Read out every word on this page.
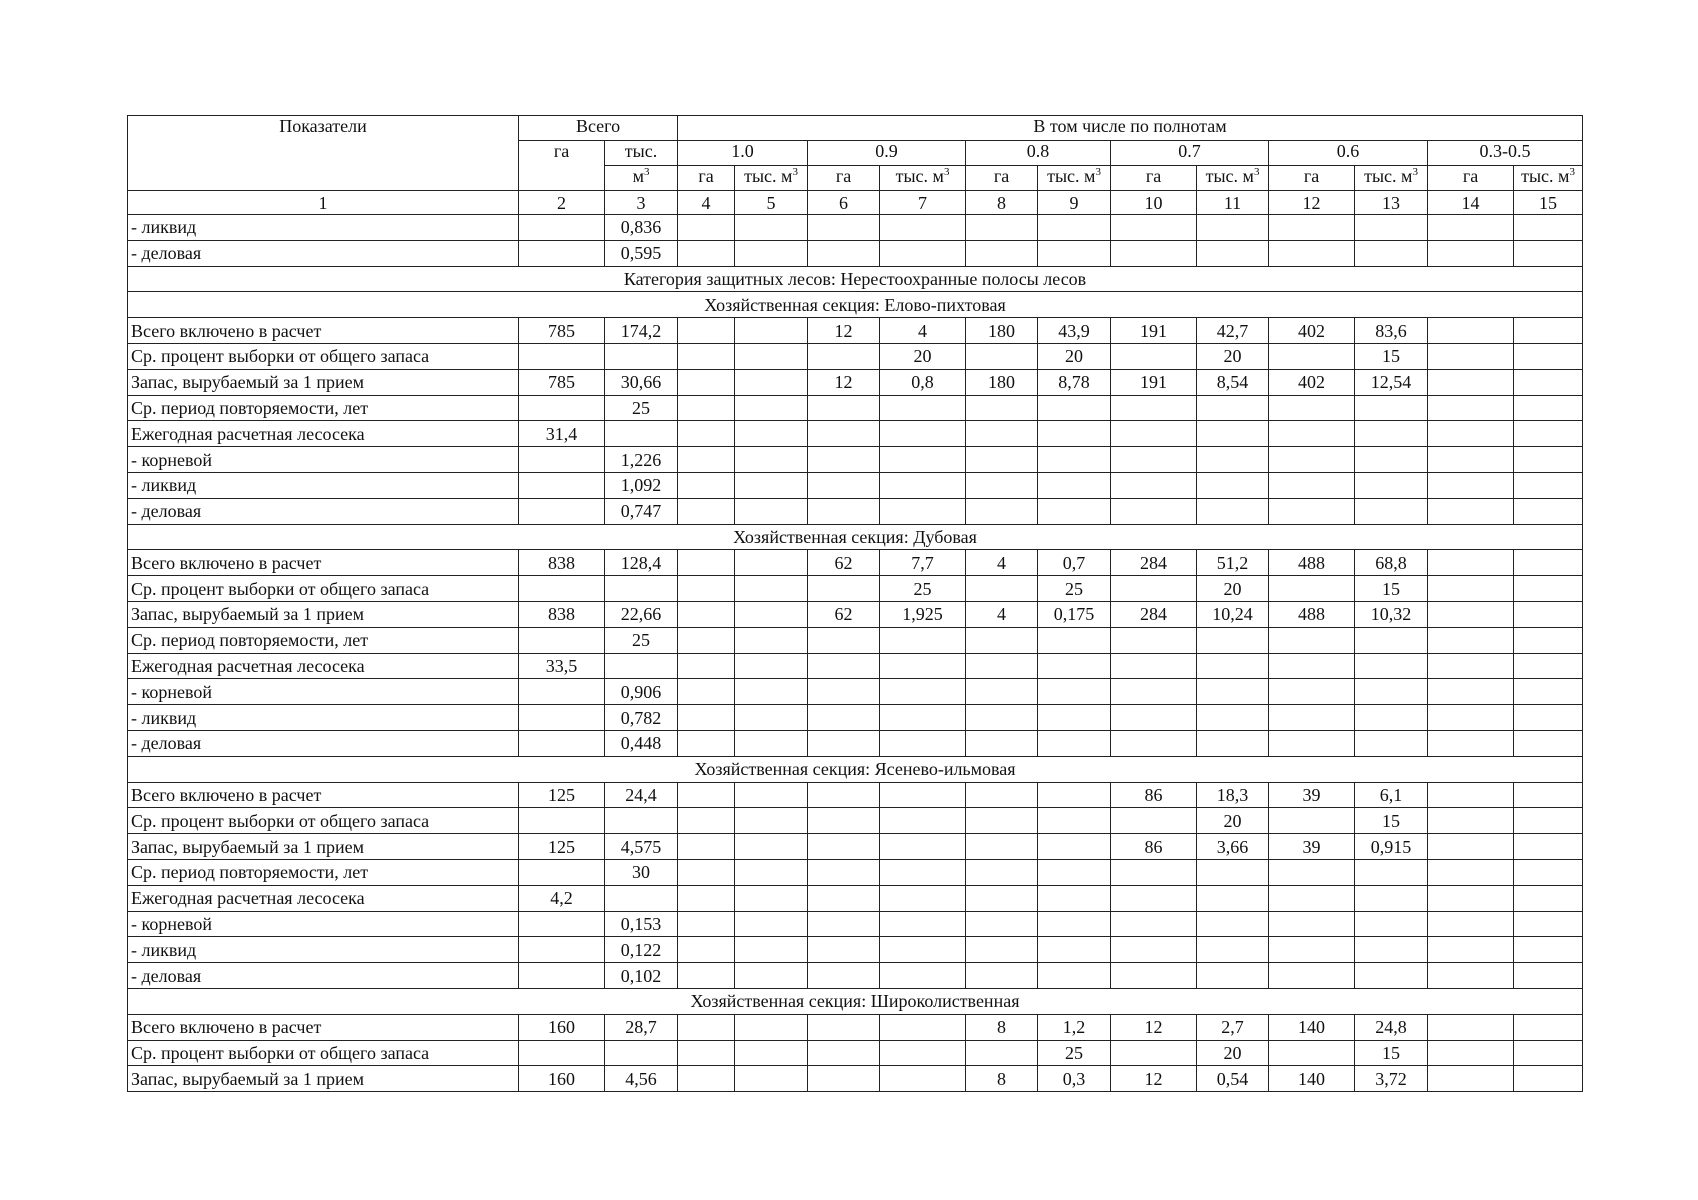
Показатели	Всего		В том числе по полнотам											
	га	тыс.	1.0		0.9		0.8		0.7		0.6		0.3-0.5	
		$м^3$	га	тыс. $м^3$	га	тыс. $м^3$	га	тыс. $м^3$	га	тыс. $м^3$	га	тыс. $м^3$	га	тыс. $м^3$
1	2	3	4	5	6	7	8	9	10	11	12	13	14	15
- ликвид		0,836												
- деловая		0,595												
Категория защитных лесов: Нерестоохранные полосы лесов														
Хозяйственная секция: Елово-пихтовая														
Всего включено в расчет	785	174,2			12	4	180	43,9	191	42,7	402	83,6		
Ср. процент выборки от общего запаса						20		20		20		15		
Запас, вырубаемый за 1 прием	785	30,66			12	0,8	180	8,78	191	8,54	402	12,54		
Ср. период повторяемости, лет		25												
Ежегодная расчетная лесосека	31,4													
- корневой		1,226												
- ликвид		1,092												
- деловая		0,747												
Хозяйственная секция: Дубовая														
Всего включено в расчет	838	128,4			62	7,7	4	0,7	284	51,2	488	68,8		
Ср. процент выборки от общего запаса						25		25		20		15		
Запас, вырубаемый за 1 прием	838	22,66			62	1,925	4	0,175	284	10,24	488	10,32		
Ср. период повторяемости, лет		25												
Ежегодная расчетная лесосека	33,5													
- корневой		0,906												
- ликвид		0,782												
- деловая		0,448												
Хозяйственная секция: Ясенево-ильмовая														
Всего включено в расчет	125	24,4							86	18,3	39	6,1		
Ср. процент выборки от общего запаса										20		15		
Запас, вырубаемый за 1 прием	125	4,575							86	3,66	39	0,915		
Ср. период повторяемости, лет		30												
Ежегодная расчетная лесосека	4,2													
- корневой		0,153												
- ликвид		0,122												
- деловая		0,102												
Хозяйственная секция: Широколиственная														
Всего включено в расчет	160	28,7					8	1,2	12	2,7	140	24,8		
Ср. процент выборки от общего запаса								25		20		15		
Запас, вырубаемый за 1 прием	160	4,56					8	0,3	12	0,54	140	3,72		
